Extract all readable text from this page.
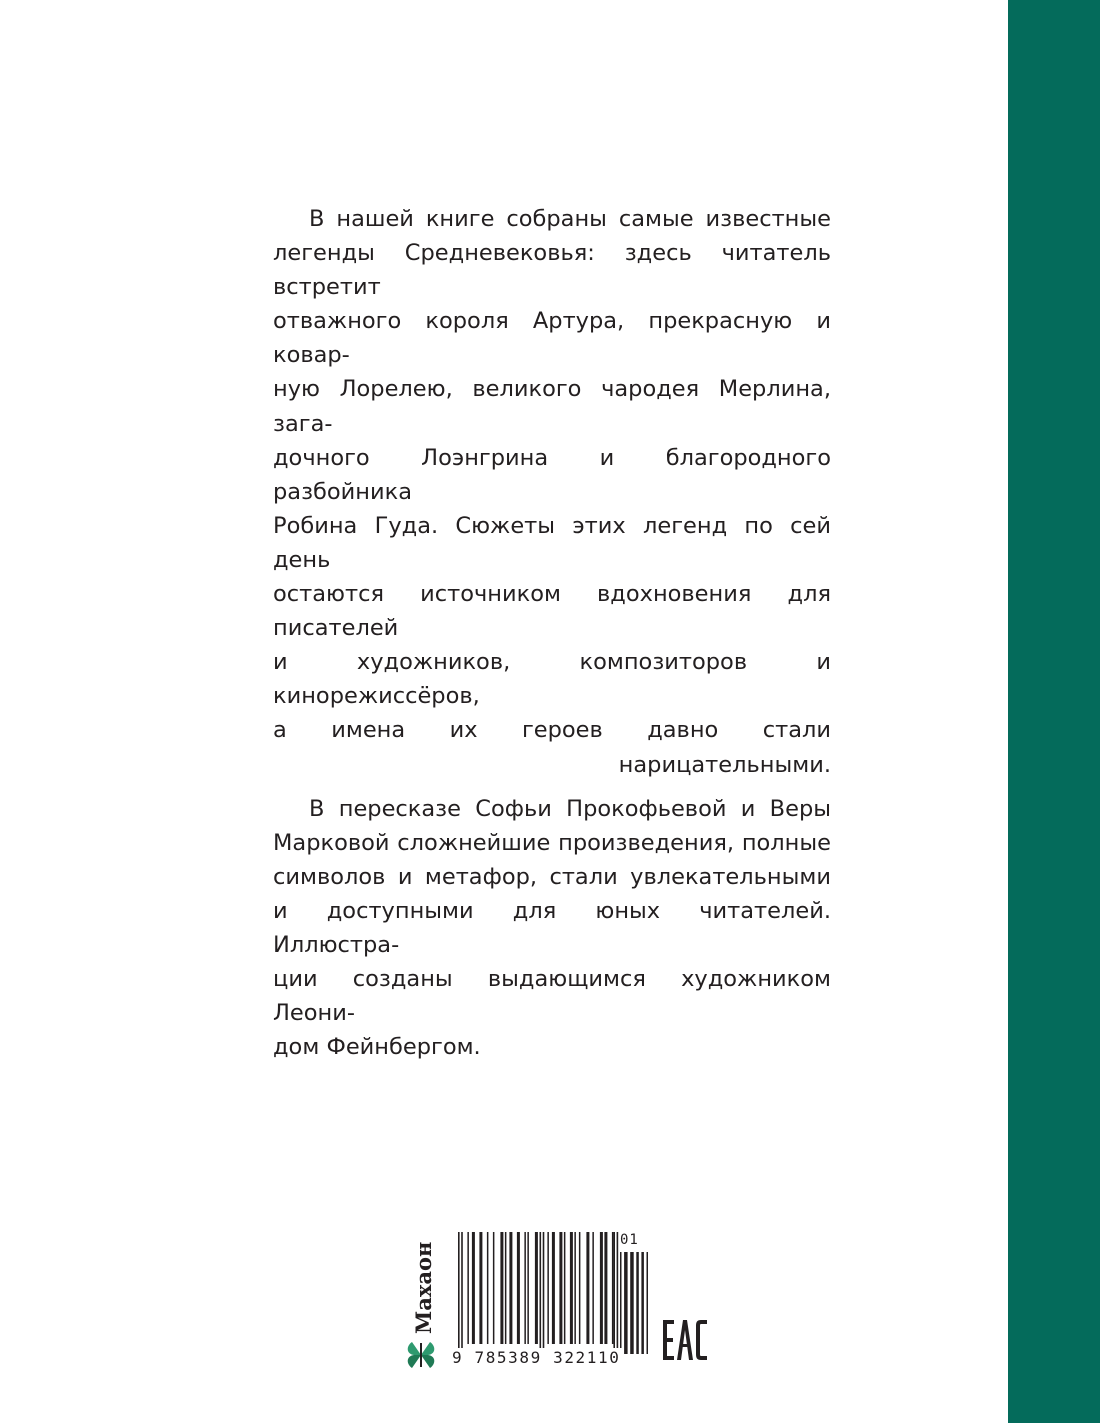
В нашей книге собраны самые известные
легенды Средневековья: здесь читатель встретит
отважного короля Артура, прекрасную и ковар-
ную Лорелею, великого чародея Мерлина, зага-
дочного Лоэнгрина и благородного разбойника
Робина Гуда. Сюжеты этих легенд по сей день
остаются источником вдохновения для писателей
и художников, композиторов и кинорежиссёров,
а имена их героев давно стали нарицательными.

В пересказе Софьи Прокофьевой и Веры
Марковой сложнейшие произведения, полные
символов и метафор, стали увлекательными
и доступными для юных читателей. Иллюстра-
ции созданы выдающимся художником Леони-
дом Фейнбергом.

Махаон
01
9 785389 322110
